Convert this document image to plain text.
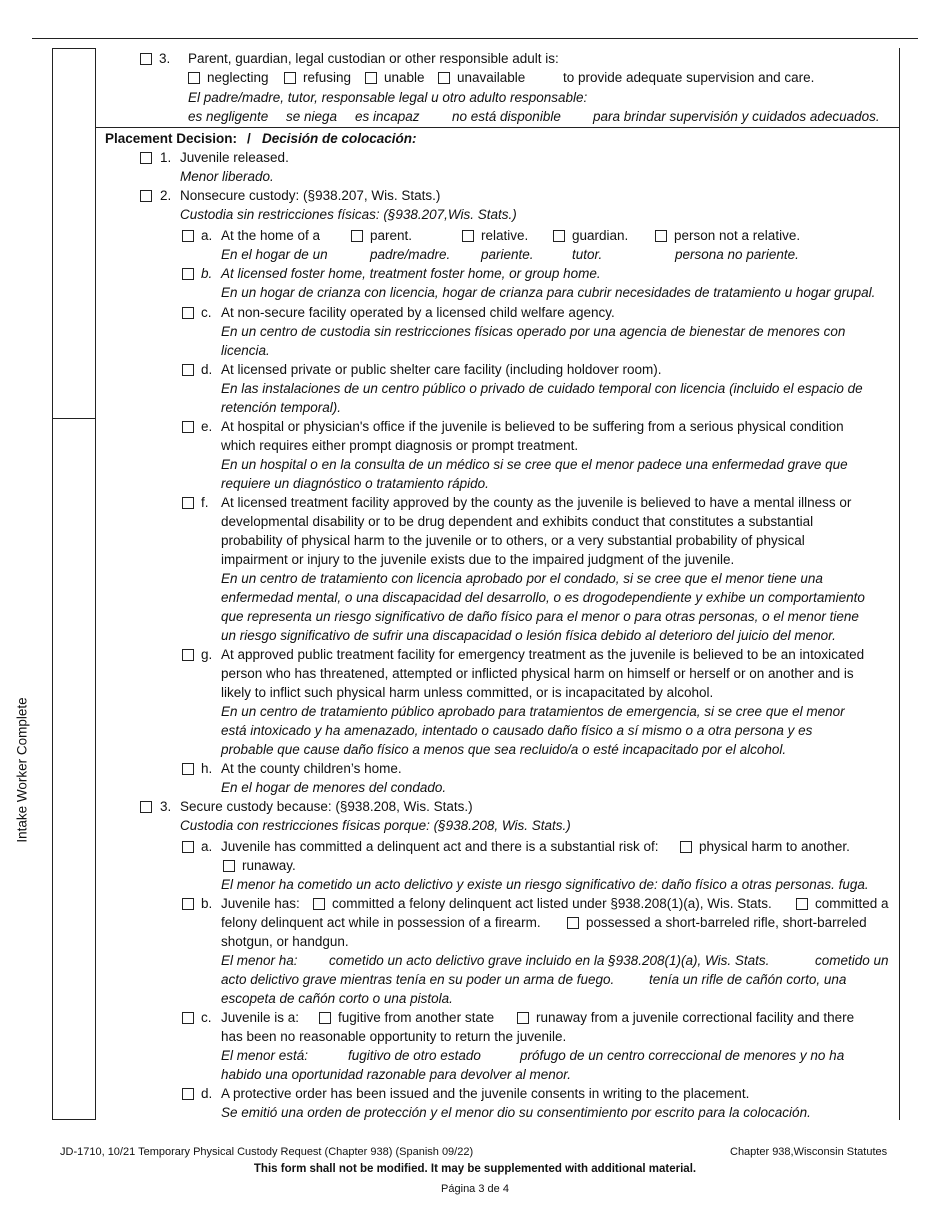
Intake Worker Complete
3. Parent, guardian, legal custodian or other responsible adult is:
neglecting	refusing unable unavailable	to provide adequate supervision and care.
El padre/madre, tutor, responsable legal u otro adulto responsable:
es negligente se niega es incapaz no está disponible para brindar supervisión y cuidados adecuados.
Placement Decision: / Decisión de colocación:
1. Juvenile released.
Menor liberado.
2. Nonsecure custody: (§938.207, Wis. Stats.)
Custodia sin restricciones físicas: (§938.207,Wis. Stats.)
a. At the home of a	parent.	relative.	guardian.	person not a relative.
En el hogar de un	padre/madre. pariente.	tutor.	persona no pariente.
b. At licensed foster home, treatment foster home, or group home.
En un hogar de crianza con licencia, hogar de crianza para cubrir necesidades de tratamiento u hogar grupal.
c. At non-secure facility operated by a licensed child welfare agency.
En un centro de custodia sin restricciones físicas operado por una agencia de bienestar de menores con
licencia.
d. At licensed private or public shelter care facility (including holdover room).
En las instalaciones de un centro público o privado de cuidado temporal con licencia (incluido el espacio de
retención temporal).
e. At hospital or physician's office if the juvenile is believed to be suffering from a serious physical condition
which requires either prompt diagnosis or prompt treatment.
En un hospital o en la consulta de un médico si se cree que el menor padece una enfermedad grave que
requiere un diagnóstico o tratamiento rápido.
f. At licensed treatment facility approved by the county as the juvenile is believed to have a mental illness or
developmental disability or to be drug dependent and exhibits conduct that constitutes a substantial
probability of physical harm to the juvenile or to others, or a very substantial probability of physical
impairment or injury to the juvenile exists due to the impaired judgment of the juvenile.
En un centro de tratamiento con licencia aprobado por el condado, si se cree que el menor tiene una
enfermedad mental, o una discapacidad del desarrollo, o es drogodependiente y exhibe un comportamiento
que representa un riesgo significativo de daño físico para el menor o para otras personas, o el menor tiene
un riesgo significativo de sufrir una discapacidad o lesión física debido al deterioro del juicio del menor.
g. At approved public treatment facility for emergency treatment as the juvenile is believed to be an intoxicated
person who has threatened, attempted or inflicted physical harm on himself or herself or on another and is
likely to inflict such physical harm unless committed, or is incapacitated by alcohol.
En un centro de tratamiento público aprobado para tratamientos de emergencia, si se cree que el menor
está intoxicado y ha amenazado, intentado o causado daño físico a sí mismo o a otra persona y es
probable que cause daño físico a menos que sea recluido/a o esté incapacitado por el alcohol.
h. At the county children’s home.
En el hogar de menores del condado.
3. Secure custody because: (§938.208, Wis. Stats.)
Custodia con restricciones físicas porque: (§938.208, Wis. Stats.)
a. Juvenile has committed a delinquent act and there is a substantial risk of:	physical harm to another.
runaway.
El menor ha cometido un acto delictivo y existe un riesgo significativo de: daño físico a otras personas. fuga.
b. Juvenile has: committed a felony delinquent act listed under §938.208(1)(a), Wis. Stats.	committed a
felony delinquent act while in possession of a firearm.	possessed a short-barreled rifle, short-barreled
shotgun, or handgun.
El menor ha: cometido un acto delictivo grave incluido en la §938.208(1)(a), Wis. Stats.	cometido un
acto delictivo grave mientras tenía en su poder un arma de fuego.	tenía un rifle de cañón corto, una
escopeta de cañón corto o una pistola.
c. Juvenile is a:	fugitive from another state	runaway from a juvenile correctional facility and there
has been no reasonable opportunity to return the juvenile.
El menor está:	fugitivo de otro estado	prófugo de un centro correccional de menores y no ha
habido una oportunidad razonable para devolver al menor.
d. A protective order has been issued and the juvenile consents in writing to the placement.
Se emitió una orden de protección y el menor dio su consentimiento por escrito para la colocación.
JD-1710, 10/21 Temporary Physical Custody Request (Chapter 938) (Spanish 09/22)	Chapter 938,Wisconsin Statutes
This form shall not be modified. It may be supplemented with additional material.
Página 3 de 4
